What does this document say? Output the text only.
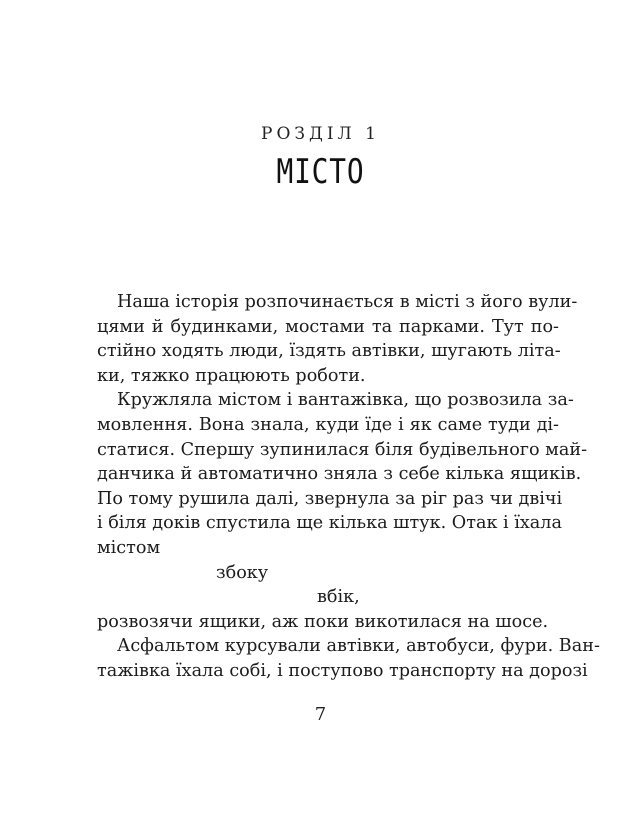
РОЗДІЛ 1
МІСТО
Наша історія розпочинається в місті з його вули-
цями й будинками, мостами та парками. Тут по-
стійно ходять люди, їздять автівки, шугають літа-
ки, тяжко працюють роботи.
Кружляла містом і вантажівка, що розвозила за-
мовлення. Вона знала, куди їде і як саме туди ді-
статися. Спершу зупинилася біля будівельного май-
данчика й автоматично зняла з себе кілька ящиків.
По тому рушила далі, звернула за ріг раз чи двічі
і біля доків спустила ще кілька штук. Отак і їхала
містом
збоку
вбік,
розвозячи ящики, аж поки викотилася на шосе.
Асфальтом курсували автівки, автобуси, фури. Ван-
тажівка їхала собі, і поступово транспорту на дорозі
7
